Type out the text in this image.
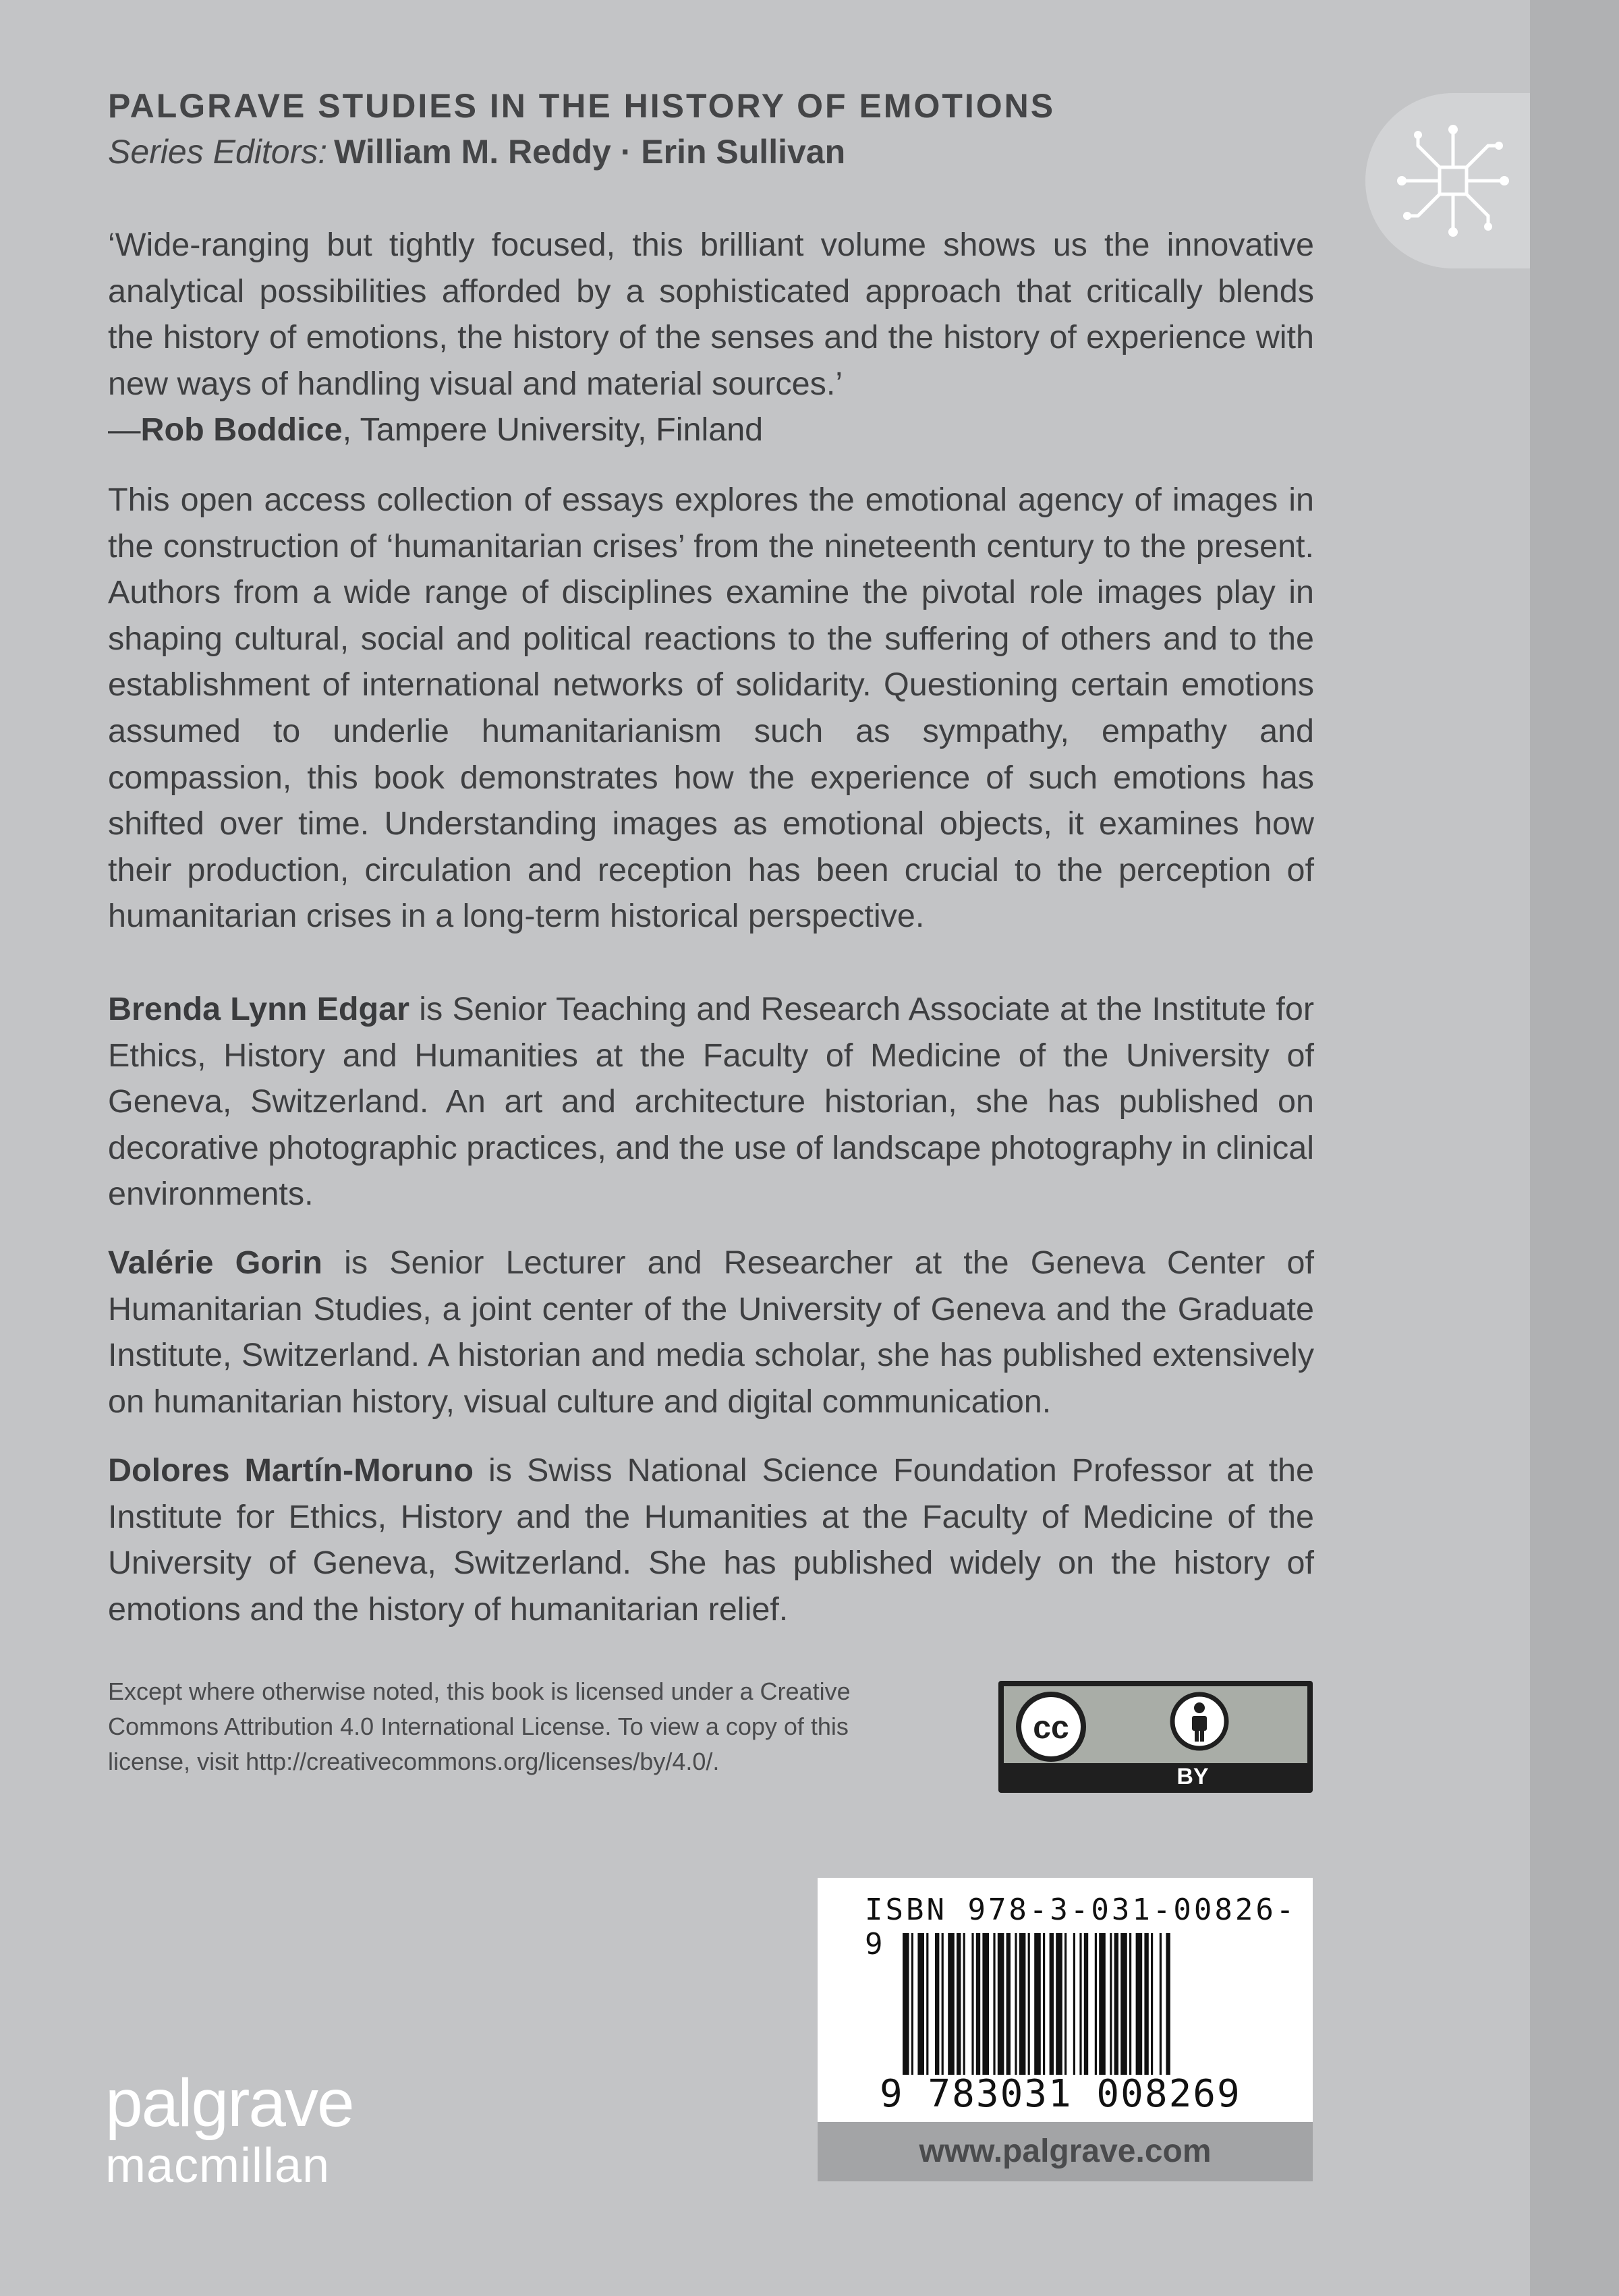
PALGRAVE STUDIES IN THE HISTORY OF EMOTIONS
Series Editors: William M. Reddy · Erin Sullivan

‘Wide-ranging but tightly focused, this brilliant volume shows us the innovative analytical possibilities afforded by a sophisticated approach that critically blends the history of emotions, the history of the senses and the history of experience with new ways of handling visual and material sources.’

—Rob Boddice, Tampere University, Finland

This open access collection of essays explores the emotional agency of images in the construction of ‘humanitarian crises’ from the nineteenth century to the present. Authors from a wide range of disciplines examine the pivotal role images play in shaping cultural, social and political reactions to the suffering of others and to the establishment of international networks of solidarity. Questioning certain emotions assumed to underlie humanitarianism such as sympathy, empathy and compassion, this book demonstrates how the experience of such emotions has shifted over time. Understanding images as emotional objects, it examines how their production, circulation and reception has been crucial to the perception of humanitarian crises in a long-term historical perspective.

Brenda Lynn Edgar is Senior Teaching and Research Associate at the Institute for Ethics, History and Humanities at the Faculty of Medicine of the University of Geneva, Switzerland. An art and architecture historian, she has published on decorative photographic practices, and the use of landscape photography in clinical environments.

Valérie Gorin is Senior Lecturer and Researcher at the Geneva Center of Humanitarian Studies, a joint center of the University of Geneva and the Graduate Institute, Switzerland. A historian and media scholar, she has published extensively on humanitarian history, visual culture and digital communication.

Dolores Martín-Moruno is Swiss National Science Foundation Professor at the Institute for Ethics, History and the Humanities at the Faculty of Medicine of the University of Geneva, Switzerland. She has published widely on the history of emotions and the history of humanitarian relief.

Except where otherwise noted, this book is licensed under a Creative Commons Attribution 4.0 International License. To view a copy of this license, visit http://creativecommons.org/licenses/by/4.0/.

cc
BY
ISBN 978-3-031-00826-9
9 783031 008269
www.palgrave.com
palgrave
macmillan
